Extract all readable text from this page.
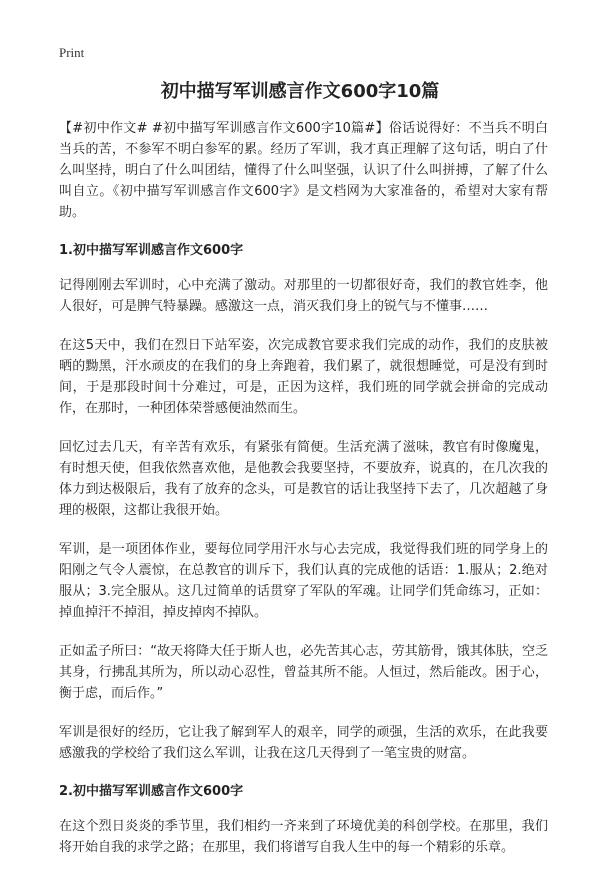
Print
初中描写军训感言作文600字10篇

【#初中作文# #初中描写军训感言作文600字10篇#】俗话说得好：不当兵不明白当兵的苦，不参军不明白参军的累。经历了军训，我才真正理解了这句话，明白了什么叫坚持，明白了什么叫团结，懂得了什么叫坚强，认识了什么叫拼搏，了解了什么叫自立。《初中描写军训感言作文600字》是文档网为大家准备的，希望对大家有帮助。

1.初中描写军训感言作文600字

记得刚刚去军训时，心中充满了激动。对那里的一切都很好奇，我们的教官姓李，他人很好，可是脾气特暴躁。感激这一点，消灭我们身上的锐气与不懂事……

在这5天中，我们在烈日下站军姿，次完成教官要求我们完成的动作，我们的皮肤被晒的黝黑，汗水顽皮的在我们的身上奔跑着，我们累了，就很想睡觉，可是没有到时间，于是那段时间十分难过，可是，正因为这样，我们班的同学就会拼命的完成动作，在那时，一种团体荣誉感便油然而生。

回忆过去几天，有辛苦有欢乐，有紧张有简便。生活充满了滋味，教官有时像魔鬼，有时想天使，但我依然喜欢他，是他教会我要坚持，不要放弃，说真的，在几次我的体力到达极限后，我有了放弃的念头，可是教官的话让我坚持下去了，几次超越了身理的极限，这都让我很开始。

军训，是一项团体作业，要每位同学用汗水与心去完成，我觉得我们班的同学身上的阳刚之气令人震惊，在总教官的训斥下，我们认真的完成他的话语：1.服从；2.绝对服从；3.完全服从。这几过简单的话贯穿了军队的军魂。让同学们凭命练习，正如：掉血掉汗不掉泪，掉皮掉肉不掉队。

正如孟子所曰：“故天将降大任于斯人也，必先苦其心志，劳其筋骨，饿其体肤，空乏其身，行拂乱其所为，所以动心忍性，曾益其所不能。人恒过，然后能改。困于心，衡于虑，而后作。”

军训是很好的经历，它让我了解到军人的艰辛，同学的顽强，生活的欢乐，在此我要感激我的学校给了我们这么军训，让我在这几天得到了一笔宝贵的财富。

2.初中描写军训感言作文600字

在这个烈日炎炎的季节里，我们相约一齐来到了环境优美的科创学校。在那里，我们将开始自我的求学之路；在那里，我们将谱写自我人生中的每一个精彩的乐章。
